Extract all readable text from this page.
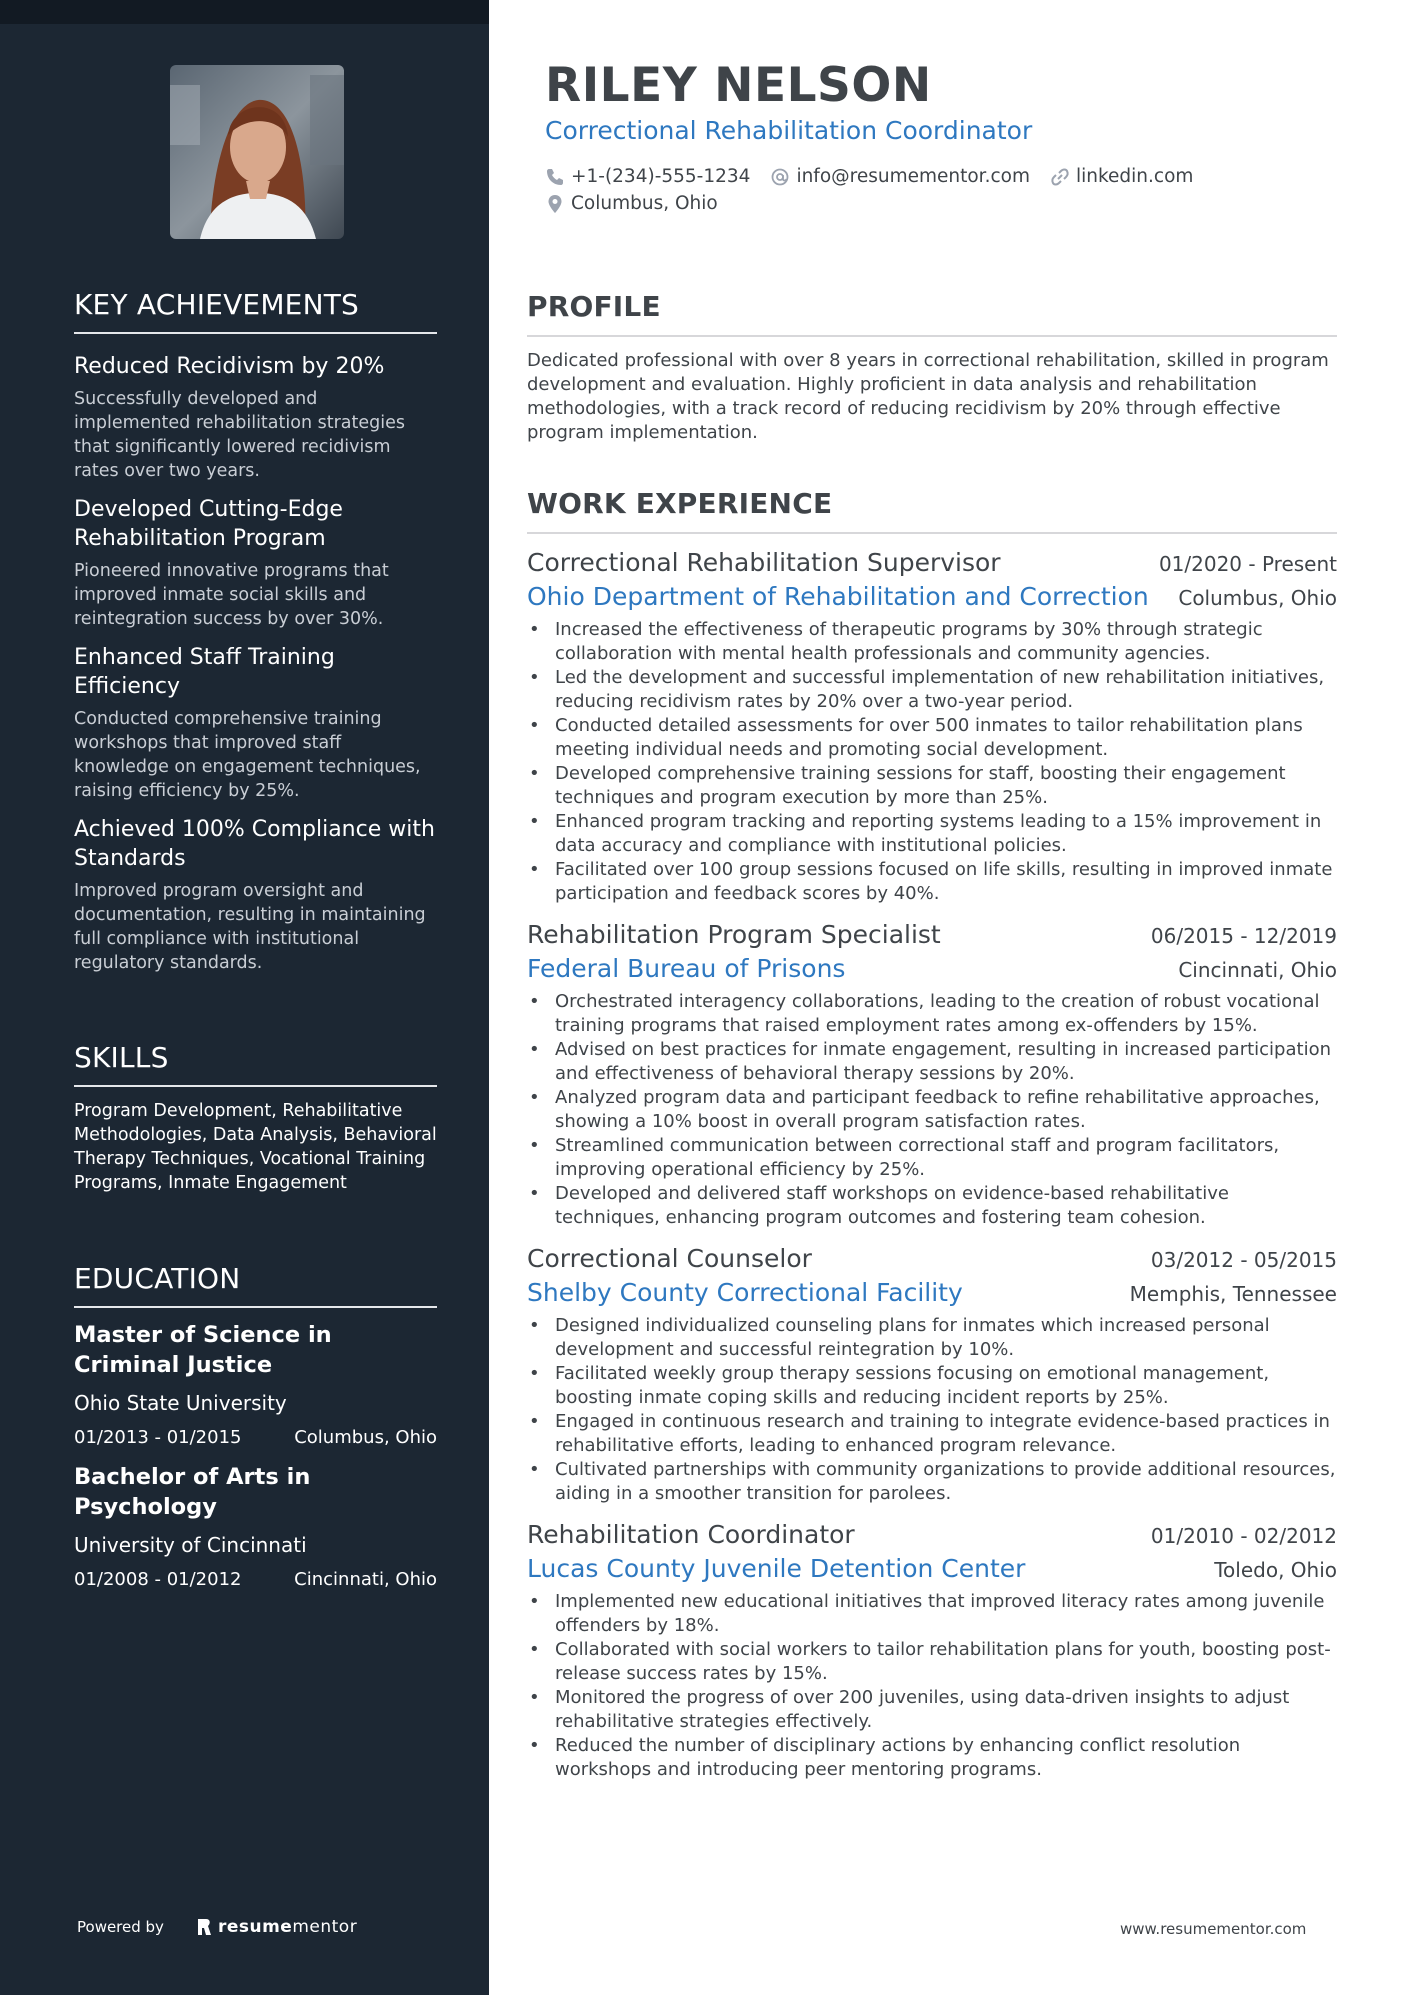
KEY ACHIEVEMENTS
Reduced Recidivism by 20%
Successfully developed and implemented rehabilitation strategies that significantly lowered recidivism rates over two years.
Developed Cutting-Edge Rehabilitation Program
Pioneered innovative programs that improved inmate social skills and reintegration success by over 30%.
Enhanced Staff Training Efficiency
Conducted comprehensive training workshops that improved staff knowledge on engagement techniques, raising efficiency by 25%.
Achieved 100% Compliance with Standards
Improved program oversight and documentation, resulting in maintaining full compliance with institutional regulatory standards.
SKILLS
Program Development, Rehabilitative Methodologies, Data Analysis, Behavioral Therapy Techniques, Vocational Training Programs, Inmate Engagement
EDUCATION
Master of Science in Criminal Justice
Ohio State University
01/2013 - 01/2015	Columbus, Ohio
Bachelor of Arts in Psychology
University of Cincinnati
01/2008 - 01/2012	Cincinnati, Ohio
Powered by	resume mentor
RILEY NELSON
Correctional Rehabilitation Coordinator
+1-(234)-555-1234 info@resumementor.com linkedin.com
Columbus, Ohio
PROFILE

Dedicated professional with over 8 years in correctional rehabilitation, skilled in program development and evaluation. Highly proficient in data analysis and rehabilitation methodologies, with a track record of reducing recidivism by 20% through effective program implementation.

WORK EXPERIENCE
Correctional Rehabilitation Supervisor	01/2020 - Present
Ohio Department of Rehabilitation and Correction Columbus, Ohio
• Increased the effectiveness of therapeutic programs by 30% through strategic collaboration with mental health professionals and community agencies.
• Led the development and successful implementation of new rehabilitation initiatives, reducing recidivism rates by 20% over a two-year period.
• Conducted detailed assessments for over 500 inmates to tailor rehabilitation plans meeting individual needs and promoting social development.
• Developed comprehensive training sessions for staff, boosting their engagement techniques and program execution by more than 25%.
• Enhanced program tracking and reporting systems leading to a 15% improvement in data accuracy and compliance with institutional policies.
• Facilitated over 100 group sessions focused on life skills, resulting in improved inmate participation and feedback scores by 40%.
Rehabilitation Program Specialist	06/2015 - 12/2019
Federal Bureau of Prisons	Cincinnati, Ohio
• Orchestrated interagency collaborations, leading to the creation of robust vocational training programs that raised employment rates among ex-offenders by 15%.
• Advised on best practices for inmate engagement, resulting in increased participation and effectiveness of behavioral therapy sessions by 20%.
• Analyzed program data and participant feedback to refine rehabilitative approaches, showing a 10% boost in overall program satisfaction rates.
• Streamlined communication between correctional staff and program facilitators, improving operational efficiency by 25%.
• Developed and delivered staff workshops on evidence-based rehabilitative techniques, enhancing program outcomes and fostering team cohesion.
Correctional Counselor	03/2012 - 05/2015
Shelby County Correctional Facility	Memphis, Tennessee
• Designed individualized counseling plans for inmates which increased personal development and successful reintegration by 10%.
• Facilitated weekly group therapy sessions focusing on emotional management, boosting inmate coping skills and reducing incident reports by 25%.
• Engaged in continuous research and training to integrate evidence-based practices in rehabilitative efforts, leading to enhanced program relevance.
• Cultivated partnerships with community organizations to provide additional resources, aiding in a smoother transition for parolees.
Rehabilitation Coordinator	01/2010 - 02/2012
Lucas County Juvenile Detention Center	Toledo, Ohio
• Implemented new educational initiatives that improved literacy rates among juvenile offenders by 18%.
• Collaborated with social workers to tailor rehabilitation plans for youth, boosting post-release success rates by 15%.
• Monitored the progress of over 200 juveniles, using data-driven insights to adjust rehabilitative strategies effectively.
• Reduced the number of disciplinary actions by enhancing conflict resolution workshops and introducing peer mentoring programs.
www.resumementor.com
